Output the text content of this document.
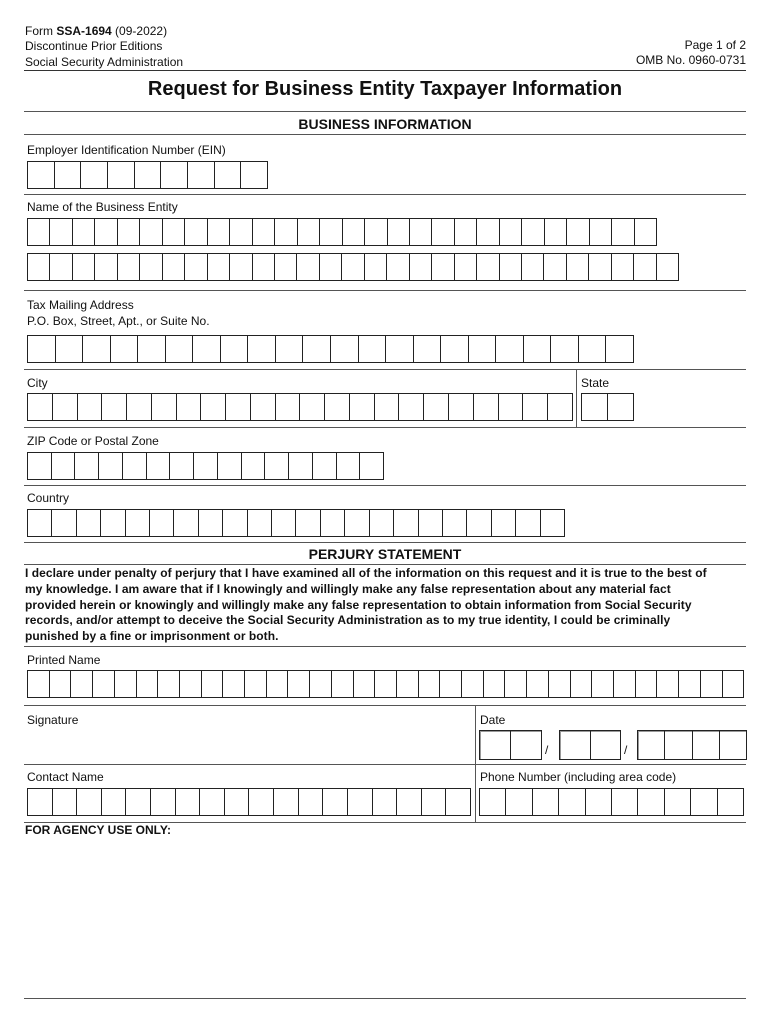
Form SSA-1694 (09-2022)
Discontinue Prior Editions
Social Security Administration
Page 1 of 2
OMB No. 0960-0731
Request for Business Entity Taxpayer Information
BUSINESS INFORMATION
Employer Identification Number (EIN)
Name of the Business Entity
Tax Mailing Address
P.O. Box, Street, Apt., or Suite No.
City	State
ZIP Code or Postal Zone
Country
PERJURY STATEMENT
I declare under penalty of perjury that I have examined all of the information on this request and it is true to the best of
my knowledge. I am aware that if I knowingly and willingly make any false representation about any material fact
provided herein or knowingly and willingly make any false representation to obtain information from Social Security
records, and/or attempt to deceive the Social Security Administration as to my true identity, I could be criminally
punished by a fine or imprisonment or both.
Printed Name
Signature	Date
/	/
Contact Name	Phone Number (including area code)
FOR AGENCY USE ONLY:
